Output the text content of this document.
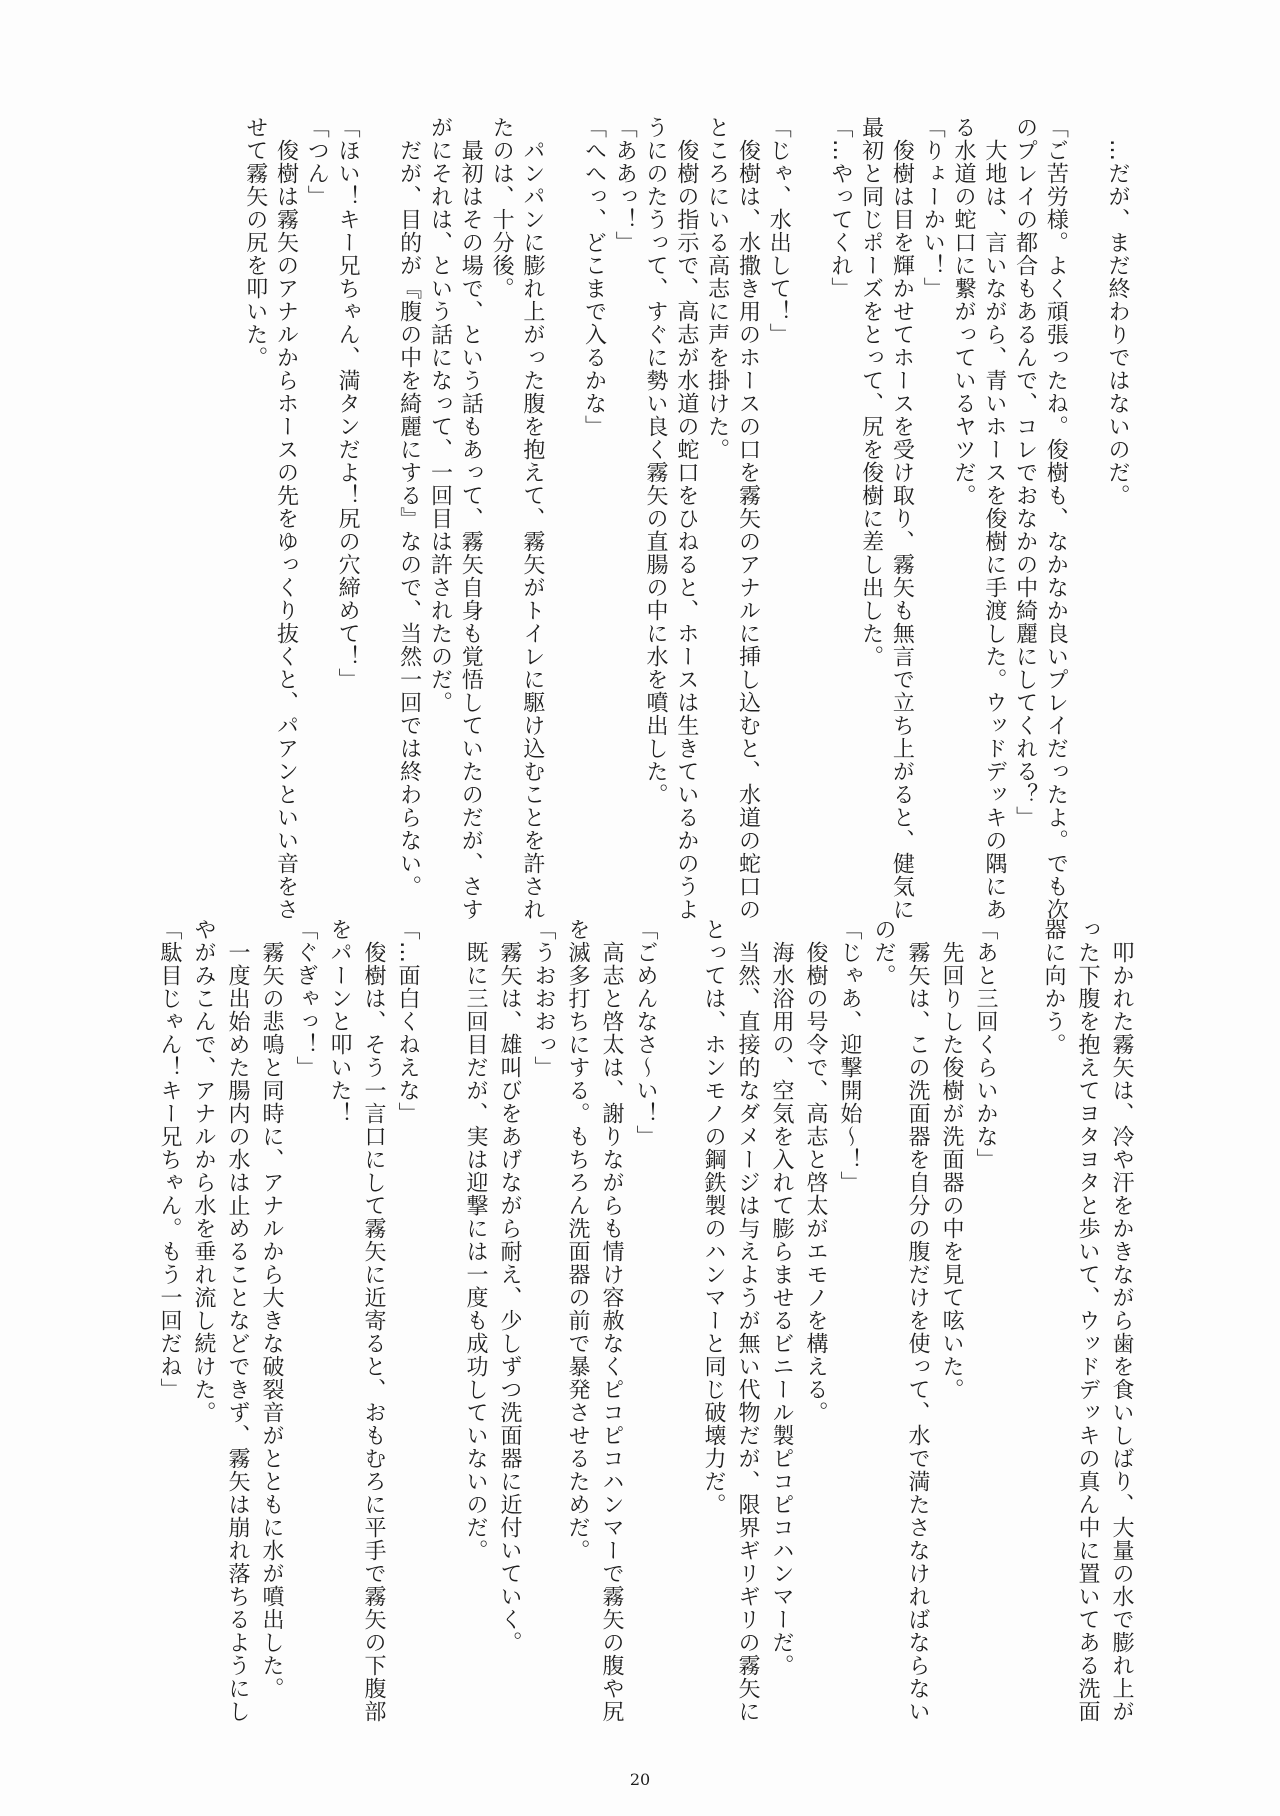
　…だが、まだ終わりではないのだ。

「ご苦労様。よく頑張ったね。俊樹も、なかなか良いプレイだったよ。でも次

のプレイの都合もあるんで、コレでおなかの中綺麗にしてくれる？」

　大地は、言いながら、青いホースを俊樹に手渡した。ウッドデッキの隅にあ

る水道の蛇口に繋がっているヤツだ。

「りょーかい！」

　俊樹は目を輝かせてホースを受け取り、霧矢も無言で立ち上がると、健気に

最初と同じポーズをとって、尻を俊樹に差し出した。

「…やってくれ」

「じゃ、水出して！」

　俊樹は、水撒き用のホースの口を霧矢のアナルに挿し込むと、水道の蛇口の

ところにいる高志に声を掛けた。

　俊樹の指示で、高志が水道の蛇口をひねると、ホースは生きているかのうよ

うにのたうって、すぐに勢い良く霧矢の直腸の中に水を噴出した。

「ああっ！」

「へへっ、どこまで入るかな」

　パンパンに膨れ上がった腹を抱えて、霧矢がトイレに駆け込むことを許され

たのは、十分後。

　最初はその場で、という話もあって、霧矢自身も覚悟していたのだが、さす

がにそれは、という話になって、一回目は許されたのだ。

　だが、目的が『腹の中を綺麗にする』なので、当然一回では終わらない。

「ほい！キー兄ちゃん、満タンだよ！尻の穴締めて！」

「つん」

　俊樹は霧矢のアナルからホースの先をゆっくり抜くと、パアンといい音をさ

せて霧矢の尻を叩いた。

　叩かれた霧矢は、冷や汗をかきながら歯を食いしばり、大量の水で膨れ上が

った下腹を抱えてヨタヨタと歩いて、ウッドデッキの真ん中に置いてある洗面

器に向かう。

「あと三回くらいかな」

　先回りした俊樹が洗面器の中を見て呟いた。

　霧矢は、この洗面器を自分の腹だけを使って、水で満たさなければならない

のだ。

「じゃあ、迎撃開始〜！」

　俊樹の号令で、高志と啓太がエモノを構える。

　海水浴用の、空気を入れて膨らませるビニール製ピコピコハンマーだ。

　当然、直接的なダメージは与えようが無い代物だが、限界ギリギリの霧矢に

とっては、ホンモノの鋼鉄製のハンマーと同じ破壊力だ。

「ごめんなさ〜い！」

　高志と啓太は、謝りながらも情け容赦なくピコピコハンマーで霧矢の腹や尻

を滅多打ちにする。もちろん洗面器の前で暴発させるためだ。

「うおおおっ」

　霧矢は、雄叫びをあげながら耐え、少しずつ洗面器に近付いていく。

　既に三回目だが、実は迎撃には一度も成功していないのだ。

「…面白くねえな」

　俊樹は、そう一言口にして霧矢に近寄ると、おもむろに平手で霧矢の下腹部

をパーンと叩いた！

「ぐぎゃっ！」

　霧矢の悲鳴と同時に、アナルから大きな破裂音がとともに水が噴出した。

　一度出始めた腸内の水は止めることなどできず、霧矢は崩れ落ちるようにし

やがみこんで、アナルから水を垂れ流し続けた。

「駄目じゃん！キー兄ちゃん。もう一回だね」

20
